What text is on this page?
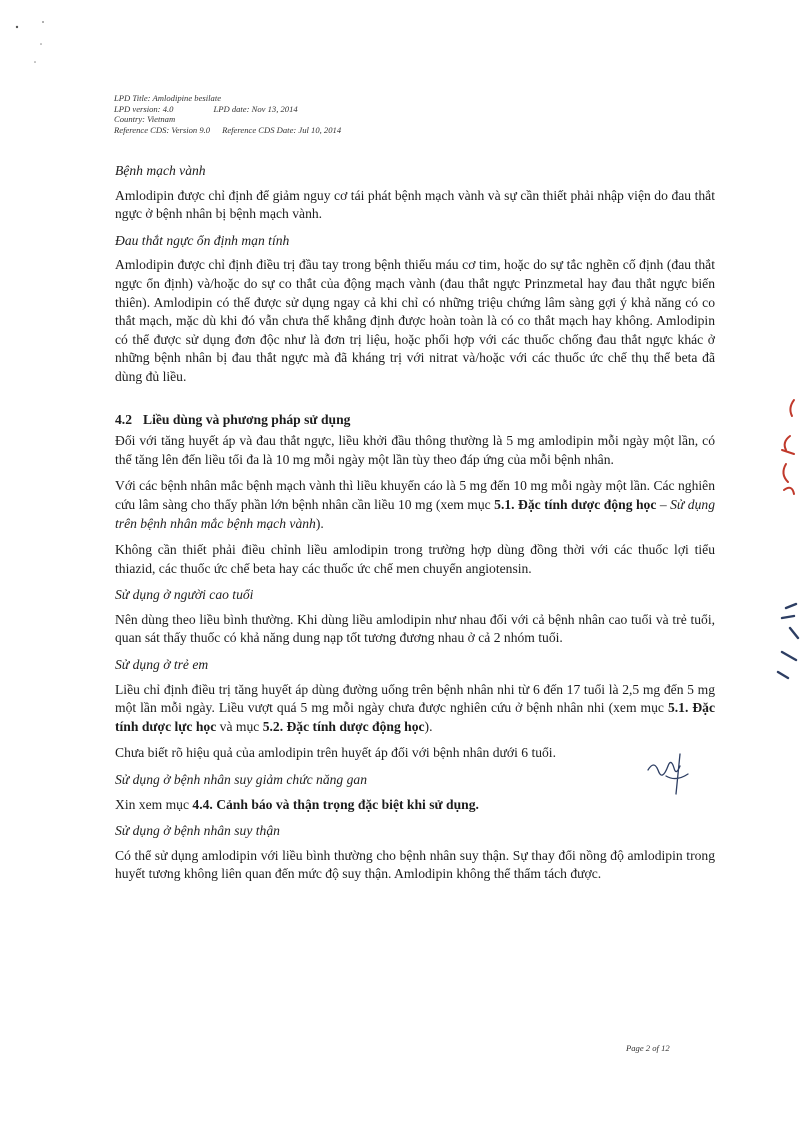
LPD Title: Amlodipine besilate
LPD version: 4.0	LPD date: Nov 13, 2014
Country: Vietnam
Reference CDS: Version 9.0 Reference CDS Date: Jul 10, 2014
Bệnh mạch vành
Amlodipin được chỉ định để giảm nguy cơ tái phát bệnh mạch vành và sự cần thiết phải nhập viện do đau thắt ngực ở bệnh nhân bị bệnh mạch vành.
Đau thắt ngực ổn định mạn tính
Amlodipin được chỉ định điều trị đầu tay trong bệnh thiếu máu cơ tim, hoặc do sự tắc nghẽn cố định (đau thắt ngực ổn định) và/hoặc do sự co thắt của động mạch vành (đau thắt ngực Prinzmetal hay đau thắt ngực biến thiên). Amlodipin có thể được sử dụng ngay cả khi chỉ có những triệu chứng lâm sàng gợi ý khả năng có co thắt mạch, mặc dù khi đó vẫn chưa thể khẳng định được hoàn toàn là có co thắt mạch hay không. Amlodipin có thể được sử dụng đơn độc như là đơn trị liệu, hoặc phối hợp với các thuốc chống đau thắt ngực khác ở những bệnh nhân bị đau thắt ngực mà đã kháng trị với nitrat và/hoặc với các thuốc ức chế thụ thể beta đã dùng đủ liều.
4.2 Liều dùng và phương pháp sử dụng
Đối với tăng huyết áp và đau thắt ngực, liều khởi đầu thông thường là 5 mg amlodipin mỗi ngày một lần, có thể tăng lên đến liều tối đa là 10 mg mỗi ngày một lần tùy theo đáp ứng của mỗi bệnh nhân.
Với các bệnh nhân mắc bệnh mạch vành thì liều khuyến cáo là 5 mg đến 10 mg mỗi ngày một lần. Các nghiên cứu lâm sàng cho thấy phần lớn bệnh nhân cần liều 10 mg (xem mục 5.1. Đặc tính dược động học – Sử dụng trên bệnh nhân mắc bệnh mạch vành).
Không cần thiết phải điều chỉnh liều amlodipin trong trường hợp dùng đồng thời với các thuốc lợi tiểu thiazid, các thuốc ức chế beta hay các thuốc ức chế men chuyển angiotensin.
Sử dụng ở người cao tuổi
Nên dùng theo liều bình thường. Khi dùng liều amlodipin như nhau đối với cả bệnh nhân cao tuổi và trẻ tuổi, quan sát thấy thuốc có khả năng dung nạp tốt tương đương nhau ở cả 2 nhóm tuổi.
Sử dụng ở trẻ em
Liều chỉ định điều trị tăng huyết áp dùng đường uống trên bệnh nhân nhi từ 6 đến 17 tuổi là 2,5 mg đến 5 mg một lần mỗi ngày. Liều vượt quá 5 mg mỗi ngày chưa được nghiên cứu ở bệnh nhân nhi (xem mục 5.1. Đặc tính dược lực học và mục 5.2. Đặc tính dược động học).
Chưa biết rõ hiệu quả của amlodipin trên huyết áp đối với bệnh nhân dưới 6 tuổi.
Sử dụng ở bệnh nhân suy giảm chức năng gan
Xin xem mục 4.4. Cảnh báo và thận trọng đặc biệt khi sử dụng.
Sử dụng ở bệnh nhân suy thận
Có thể sử dụng amlodipin với liều bình thường cho bệnh nhân suy thận. Sự thay đổi nồng độ amlodipin trong huyết tương không liên quan đến mức độ suy thận. Amlodipin không thể thẩm tách được.
Page 2 of 12
